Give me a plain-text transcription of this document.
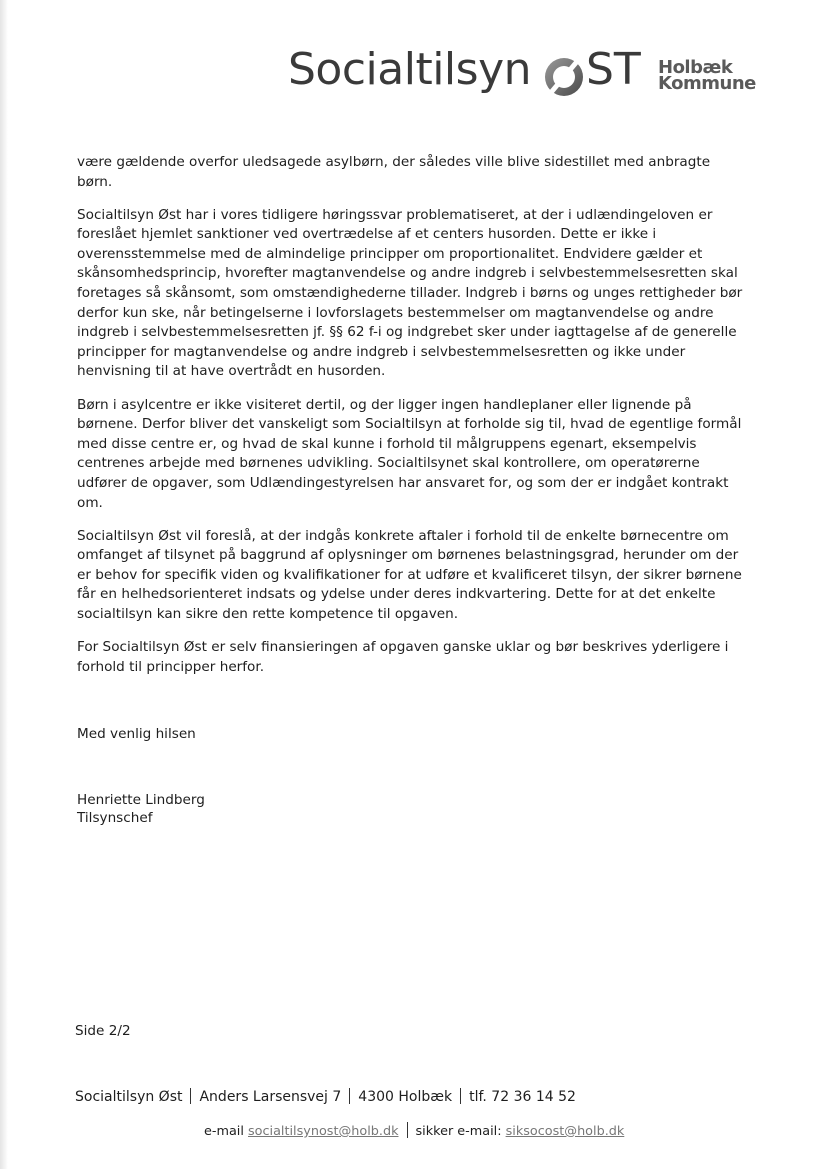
Socialtilsyn ST Holbæk
Kommune

være gældende overfor uledsagede asylbørn, der således ville blive sidestillet med anbragte børn.

Socialtilsyn Øst har i vores tidligere høringssvar problematiseret, at der i udlændingeloven er foreslået hjemlet sanktioner ved overtrædelse af et centers husorden. Dette er ikke i overensstemmelse med de almindelige principper om proportionalitet. Endvidere gælder et skånsomhedsprincip, hvorefter magtanvendelse og andre indgreb i selvbestemmelsesretten skal foretages så skånsomt, som omstændighederne tillader. Indgreb i børns og unges rettigheder bør derfor kun ske, når betingelserne i lovforslagets bestemmelser om magtanvendelse og andre indgreb i selvbestemmelsesretten jf. §§ 62 f-i og indgrebet sker under iagttagelse af de generelle principper for magtanvendelse og andre indgreb i selvbestemmelsesretten og ikke under henvisning til at have overtrådt en husorden.

Børn i asylcentre er ikke visiteret dertil, og der ligger ingen handleplaner eller lignende på børnene. Derfor bliver det vanskeligt som Socialtilsyn at forholde sig til, hvad de egentlige formål med disse centre er, og hvad de skal kunne i forhold til målgruppens egenart, eksempelvis centrenes arbejde med børnenes udvikling. Socialtilsynet skal kontrollere, om operatørerne udfører de opgaver, som Udlændingestyrelsen har ansvaret for, og som der er indgået kontrakt om.

Socialtilsyn Øst vil foreslå, at der indgås konkrete aftaler i forhold til de enkelte børnecentre om omfanget af tilsynet på baggrund af oplysninger om børnenes belastningsgrad, herunder om der er behov for specifik viden og kvalifikationer for at udføre et kvalificeret tilsyn, der sikrer børnene får en helhedsorienteret indsats og ydelse under deres indkvartering. Dette for at det enkelte socialtilsyn kan sikre den rette kompetence til opgaven.

For Socialtilsyn Øst er selv finansieringen af opgaven ganske uklar og bør beskrives yderligere i forhold til principper herfor.

Med venlig hilsen
Henriette Lindberg
Tilsynschef
Side 2/2
Socialtilsyn Øst Anders Larsensvej 7 4300 Holbæk tlf. 72 36 14 52
e-mail socialtilsynost@holb.dk sikker e-mail: siksocost@holb.dk
